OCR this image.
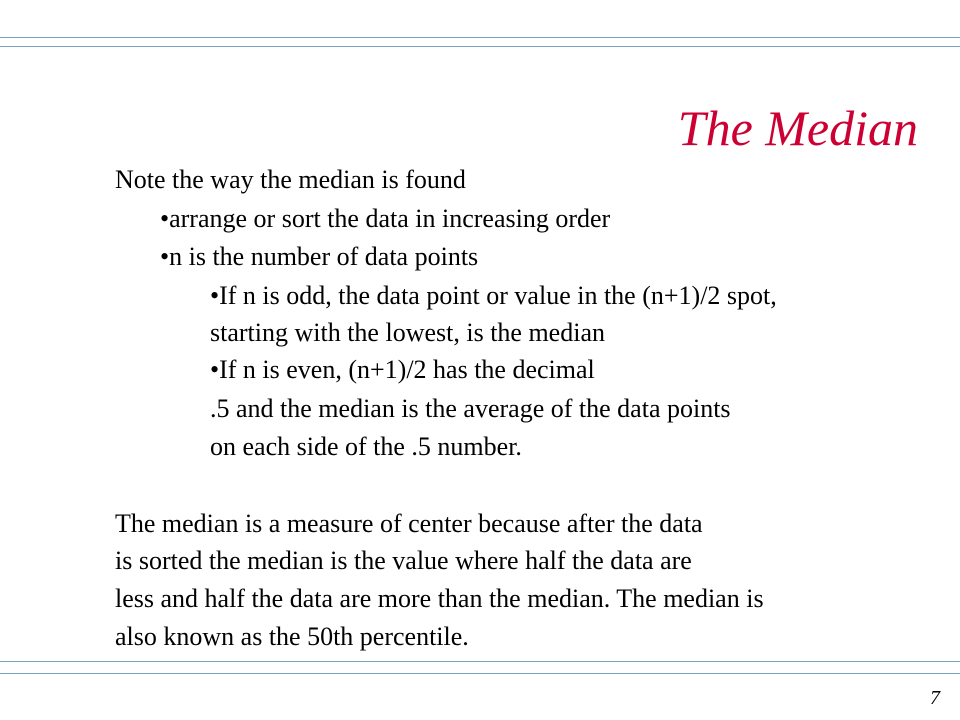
The Median
Note the way the median is found
•arrange or sort the data in increasing order
•n is the number of data points
•If n is odd, the data point or value in the (n+1)/2 spot,
starting with the lowest, is the median
•If n is even, (n+1)/2 has the decimal
.5 and the median is the average of the data points
on each side of the .5 number.
The median is a measure of center because after the data
is sorted the median is the value where half the data are
less and half the data are more than the median. The median is
also known as the 50th percentile.
7
